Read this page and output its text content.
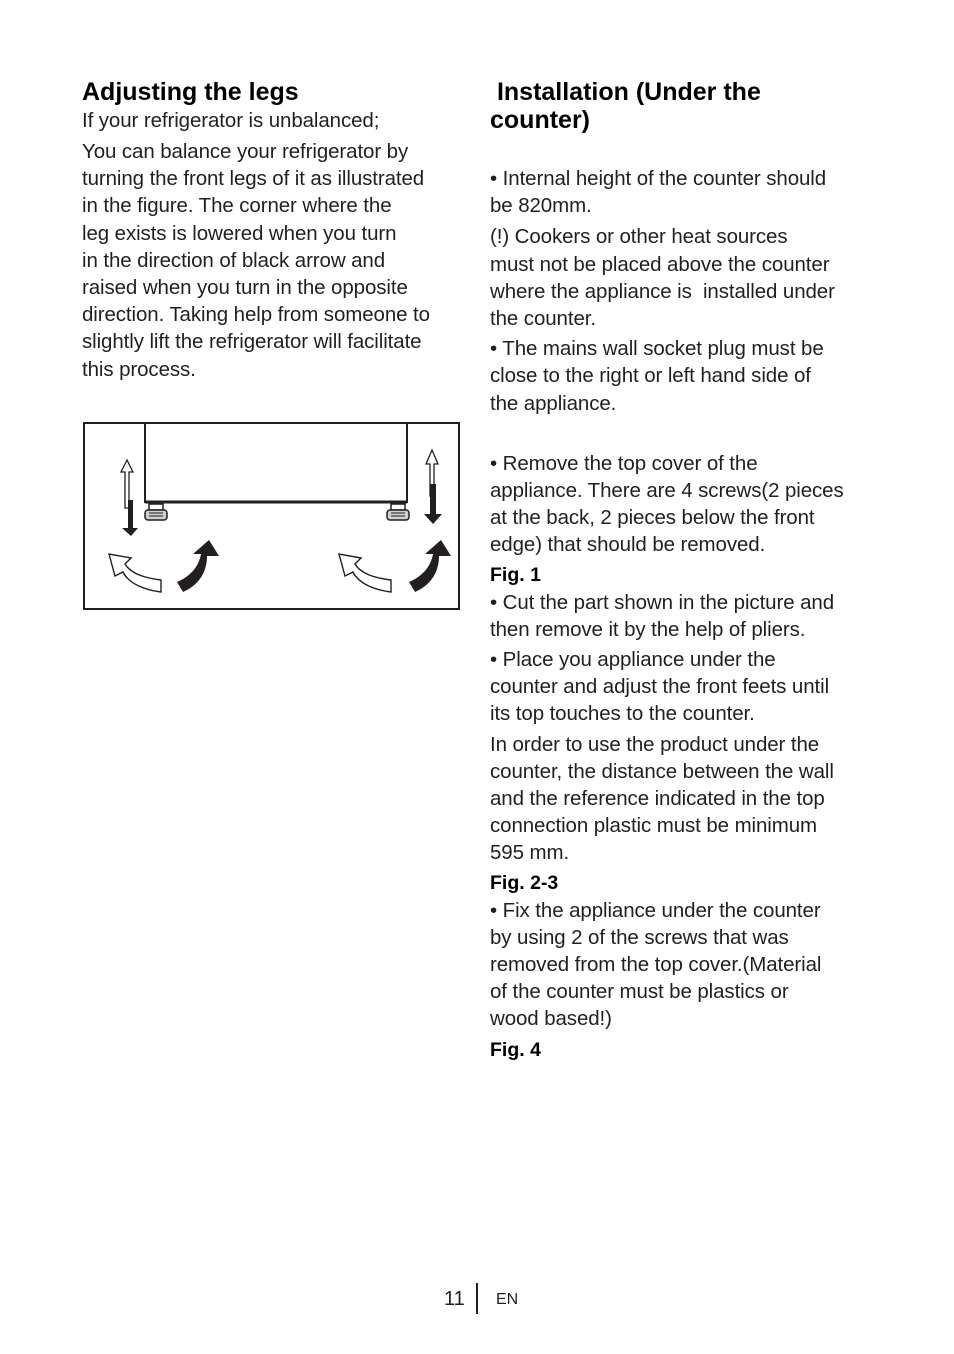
Adjusting the legs

If your refrigerator is unbalanced;

You can balance your refrigerator by
turning the front legs of it as illustrated
in the figure. The corner where the
leg exists is lowered when you turn
in the direction of black arrow and
raised when you turn in the opposite
direction. Taking help from someone to
slightly lift the refrigerator will facilitate
this process.
Installation (Under the
counter)
• Internal height of the counter should
be 820mm.
(!) Cookers or other heat sources
must not be placed above the counter
where the appliance is  installed under
the counter.
• The mains wall socket plug must be
close to the right or left hand side of
the appliance.
• Remove the top cover of the
appliance. There are 4 screws(2 pieces
at the back, 2 pieces below the front
edge) that should be removed.
Fig. 1
• Cut the part shown in the picture and
then remove it by the help of pliers.
• Place you appliance under the
counter and adjust the front feets until
its top touches to the counter.
In order to use the product under the
counter, the distance between the wall
and the reference indicated in the top
connection plastic must be minimum
595 mm.
Fig. 2-3
• Fix the appliance under the counter
by using 2 of the screws that was
removed from the top cover.(Material
of the counter must be plastics or
wood based!)
Fig. 4
11 EN
